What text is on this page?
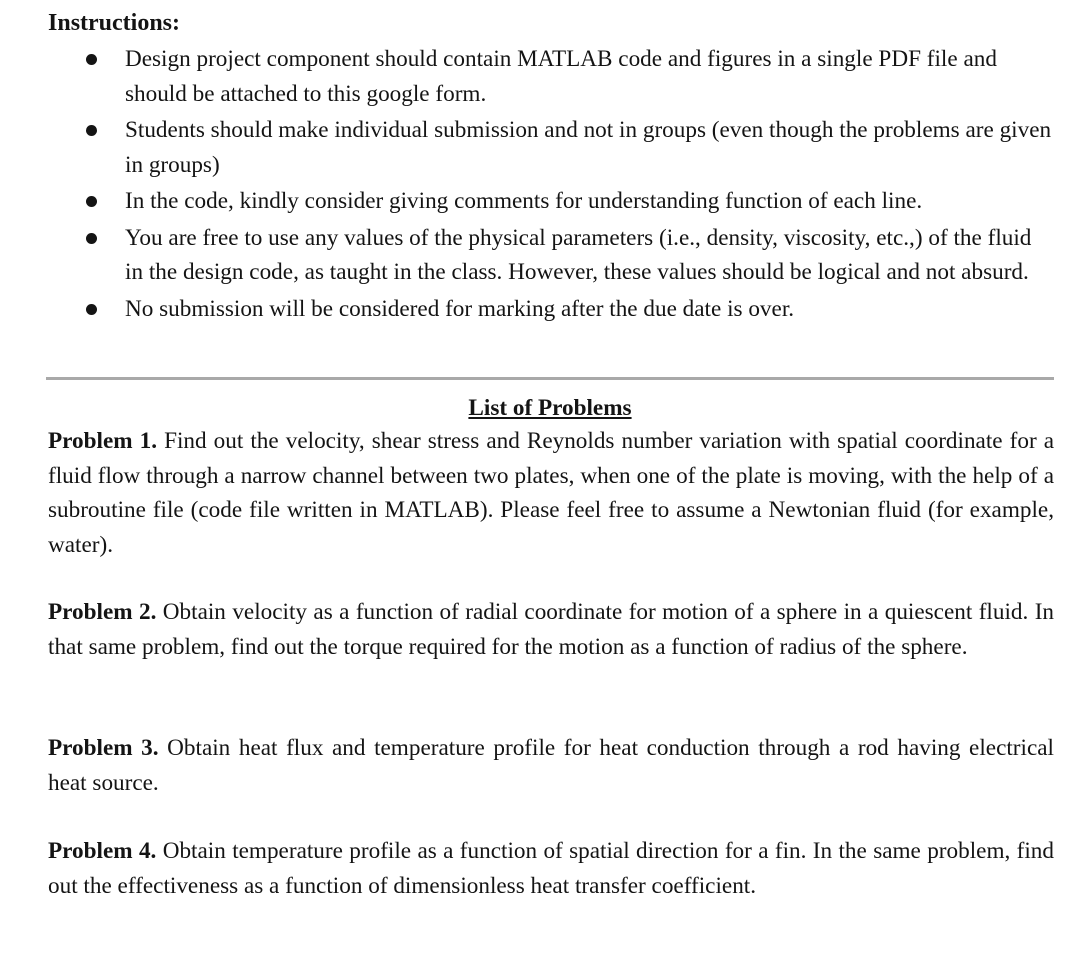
Instructions:
Design project component should contain MATLAB code and figures in a single PDF file and should be attached to this google form.
Students should make individual submission and not in groups (even though the problems are given in groups)
In the code, kindly consider giving comments for understanding function of each line.
You are free to use any values of the physical parameters (i.e., density, viscosity, etc.,) of the fluid in the design code, as taught in the class. However, these values should be logical and not absurd.
No submission will be considered for marking after the due date is over.
List of Problems

Problem 1. Find out the velocity, shear stress and Reynolds number variation with spatial coordinate for a fluid flow through a narrow channel between two plates, when one of the plate is moving, with the help of a subroutine file (code file written in MATLAB). Please feel free to assume a Newtonian fluid (for example, water).

Problem 2. Obtain velocity as a function of radial coordinate for motion of a sphere in a quiescent fluid. In that same problem, find out the torque required for the motion as a function of radius of the sphere.

Problem 3. Obtain heat flux and temperature profile for heat conduction through a rod having electrical heat source.

Problem 4. Obtain temperature profile as a function of spatial direction for a fin. In the same problem, find out the effectiveness as a function of dimensionless heat transfer coefficient.
